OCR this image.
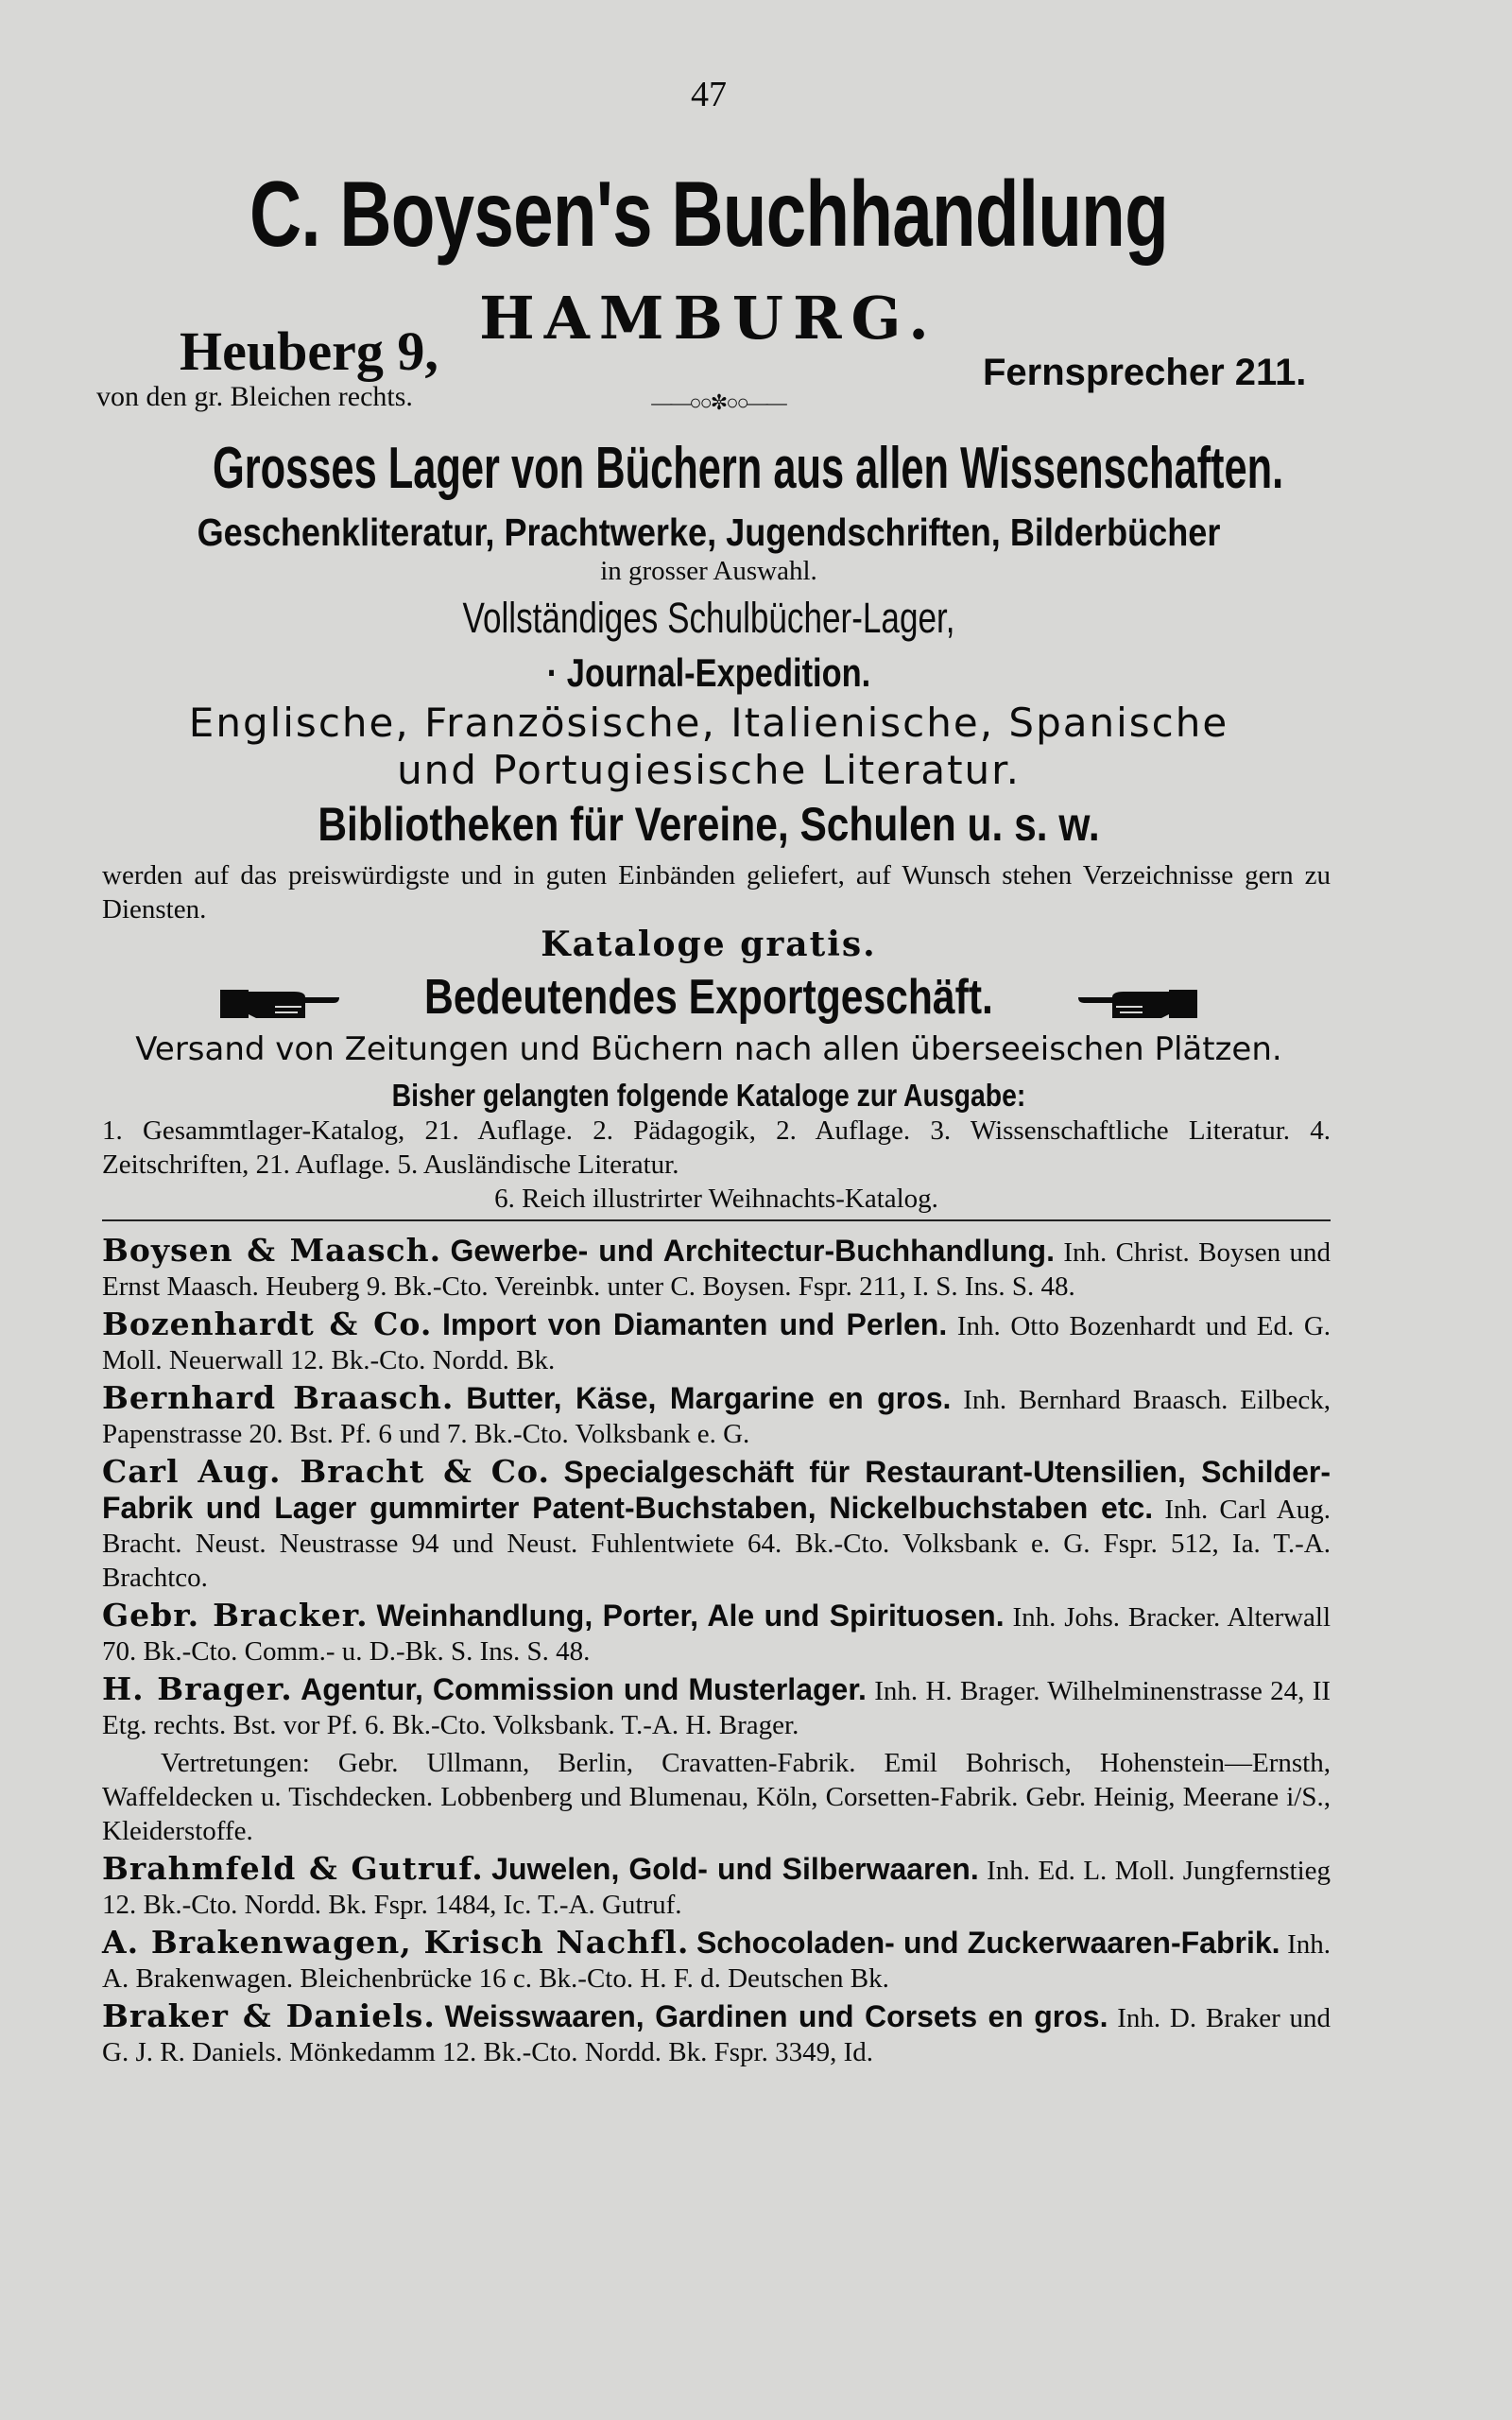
47
C. Boysen's Buchhandlung
HAMBURG.
Heuberg 9,
von den gr. Bleichen rechts.	——○○✼○○——
Fernsprecher 211.
Grosses Lager von Büchern aus allen Wissenschaften.
Geschenkliteratur, Prachtwerke, Jugendschriften, Bilderbücher
in grosser Auswahl.
Vollständiges Schulbücher-Lager,
· Journal-Expedition.
Englische, Französische, Italienische, Spanische
und Portugiesische Literatur.
Bibliotheken für Vereine, Schulen u. s. w.
werden auf das preiswürdigste und in guten Einbänden geliefert, auf Wunsch stehen Verzeichnisse gern zu Diensten.
Kataloge gratis.
Bedeutendes Exportgeschäft.
Versand von Zeitungen und Büchern nach allen überseeischen Plätzen.
Bisher gelangten folgende Kataloge zur Ausgabe:
1. Gesammtlager-Katalog, 21. Auflage. 2. Pädagogik, 2. Auflage. 3. Wissenschaftliche Literatur. 4. Zeitschriften, 21. Auflage. 5. Ausländische Literatur.
6. Reich illustrirter Weihnachts-Katalog.
Boysen & Maasch. Gewerbe- und Architectur-Buchhandlung. Inh. Christ. Boysen und Ernst Maasch. Heuberg 9. Bk.-Cto. Vereinbk. unter C. Boysen. Fspr. 211, I. S. Ins. S. 48.
Bozenhardt & Co. Import von Diamanten und Perlen. Inh. Otto Bozenhardt und Ed. G. Moll. Neuerwall 12. Bk.-Cto. Nordd. Bk.
Bernhard Braasch. Butter, Käse, Margarine en gros. Inh. Bernhard Braasch. Eilbeck, Papenstrasse 20. Bst. Pf. 6 und 7. Bk.-Cto. Volksbank e. G.
Carl Aug. Bracht & Co. Specialgeschäft für Restaurant-Utensilien, Schilder-Fabrik und Lager gummirter Patent-Buchstaben, Nickelbuchstaben etc. Inh. Carl Aug. Bracht. Neust. Neustrasse 94 und Neust. Fuhlentwiete 64. Bk.-Cto. Volksbank e. G. Fspr. 512, Ia. T.-A. Brachtco.
Gebr. Bracker. Weinhandlung, Porter, Ale und Spirituosen. Inh. Johs. Bracker. Alterwall 70. Bk.-Cto. Comm.- u. D.-Bk. S. Ins. S. 48.
H. Brager. Agentur, Commission und Musterlager. Inh. H. Brager. Wilhelminenstrasse 24, II Etg. rechts. Bst. vor Pf. 6. Bk.-Cto. Volksbank. T.-A. H. Brager.
Vertretungen: Gebr. Ullmann, Berlin, Cravatten-Fabrik. Emil Bohrisch, Hohenstein—Ernsth, Waffeldecken u. Tischdecken. Lobbenberg und Blumenau, Köln, Corsetten-Fabrik. Gebr. Heinig, Meerane i/S., Kleiderstoffe.
Brahmfeld & Gutruf. Juwelen, Gold- und Silberwaaren. Inh. Ed. L. Moll. Jungfernstieg 12. Bk.-Cto. Nordd. Bk. Fspr. 1484, Ic. T.-A. Gutruf.
A. Brakenwagen, Krisch Nachfl. Schocoladen- und Zuckerwaaren-Fabrik. Inh. A. Brakenwagen. Bleichenbrücke 16 c. Bk.-Cto. H. F. d. Deutschen Bk.
Braker & Daniels. Weisswaaren, Gardinen und Corsets en gros. Inh. D. Braker und G. J. R. Daniels. Mönkedamm 12. Bk.-Cto. Nordd. Bk. Fspr. 3349, Id.
